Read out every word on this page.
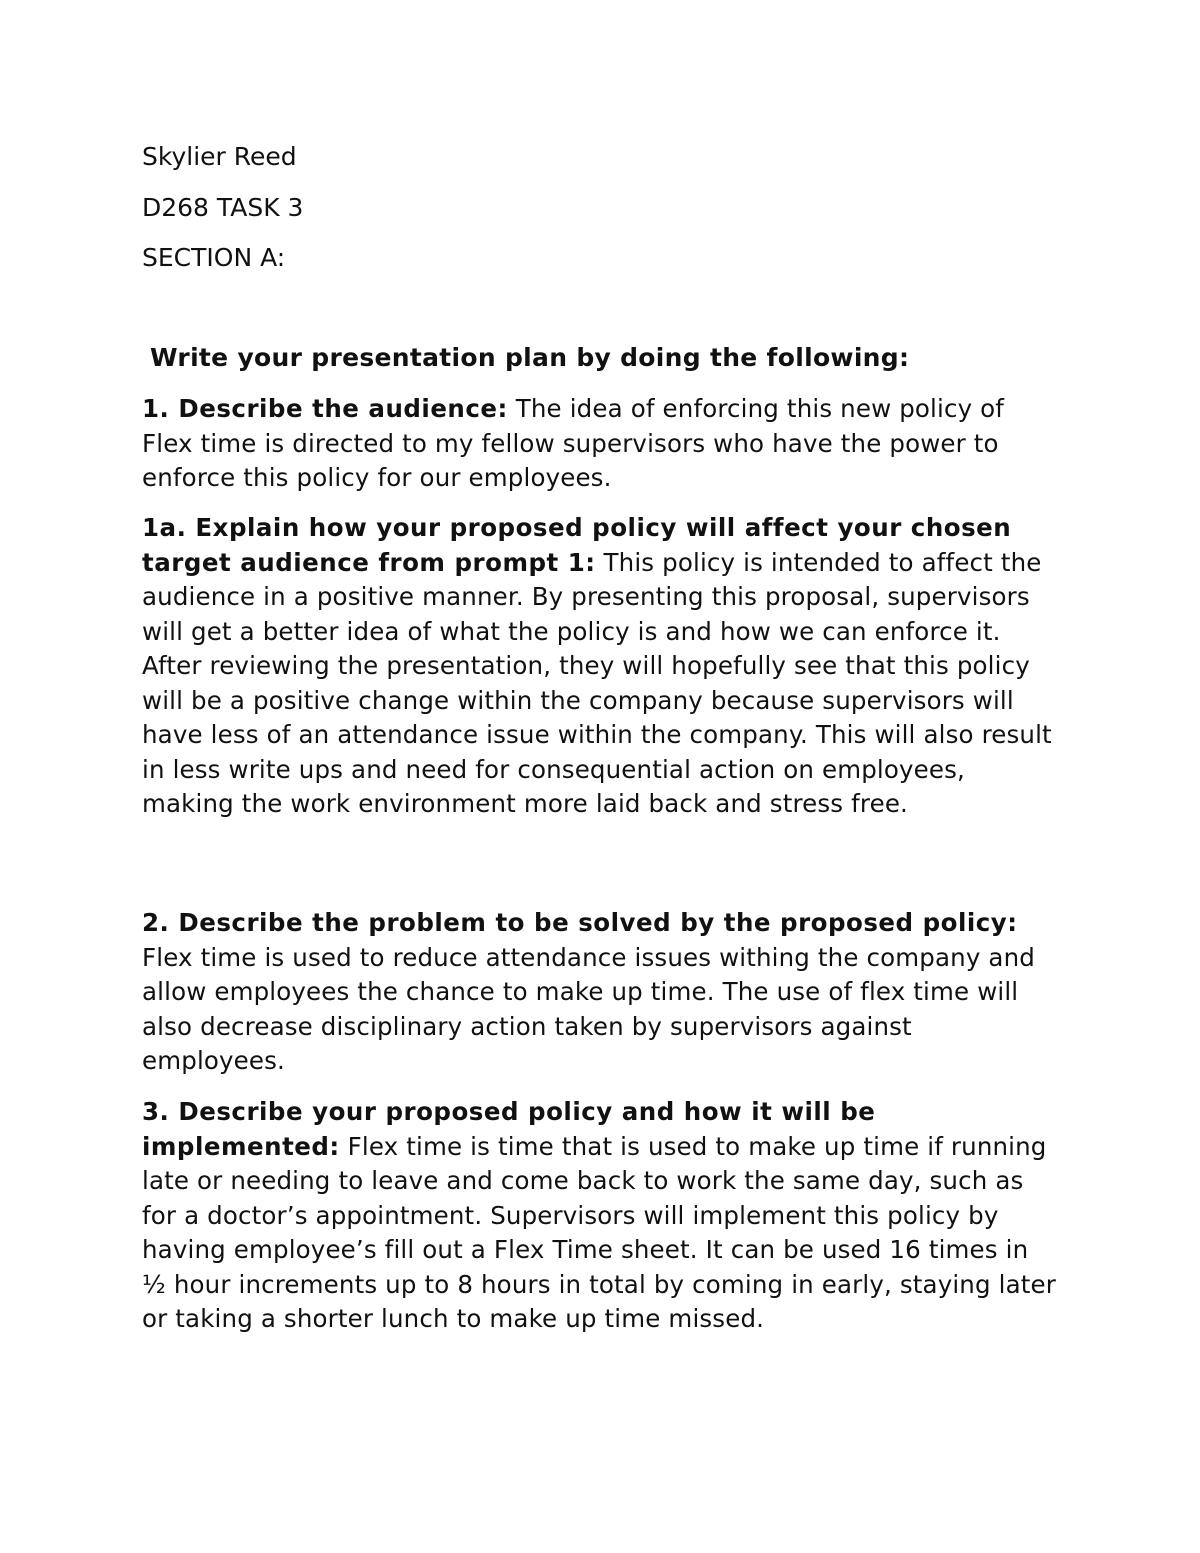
Skylier Reed
D268 TASK 3
SECTION A:
Write your presentation plan by doing the following:

1. Describe the audience: The idea of enforcing this new policy of Flex time is directed to my fellow supervisors who have the power to enforce this policy for our employees.

1a. Explain how your proposed policy will affect your chosen target audience from prompt 1: This policy is intended to affect the audience in a positive manner. By presenting this proposal, supervisors will get a better idea of what the policy is and how we can enforce it. After reviewing the presentation, they will hopefully see that this policy will be a positive change within the company because supervisors will have less of an attendance issue within the company. This will also result in less write ups and need for consequential action on employees, making the work environment more laid back and stress free.

2. Describe the problem to be solved by the proposed policy: Flex time is used to reduce attendance issues withing the company and allow employees the chance to make up time. The use of flex time will also decrease disciplinary action taken by supervisors against employees.

3. Describe your proposed policy and how it will be implemented: Flex time is time that is used to make up time if running late or needing to leave and come back to work the same day, such as for a doctor’s appointment. Supervisors will implement this policy by having employee’s fill out a Flex Time sheet. It can be used 16 times in ½ hour increments up to 8 hours in total by coming in early, staying later or taking a shorter lunch to make up time missed.
